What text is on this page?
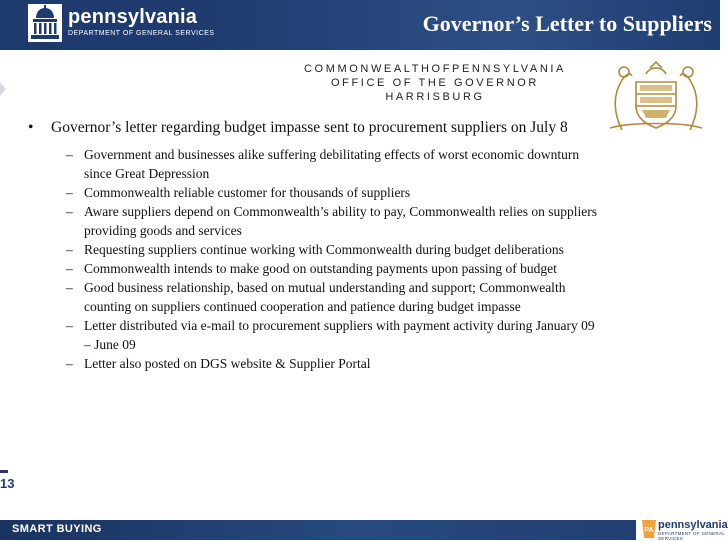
pennsylvania
DEPARTMENT OF GENERAL SERVICES	Governor’s Letter to Suppliers
COMMONWEALTHOFPENNSYLVANIA
OFFICE OF THE GOVERNOR
HARRISBURG
• Governor’s letter regarding budget impasse sent to procurement suppliers on July 8
– Government and businesses alike suffering debilitating effects of worst economic downturn since Great Depression
– Commonwealth reliable customer for thousands of suppliers
– Aware suppliers depend on Commonwealth’s ability to pay, Commonwealth relies on suppliers providing goods and services
– Requesting suppliers continue working with Commonwealth during budget deliberations
– Commonwealth intends to make good on outstanding payments upon passing of budget
– Good business relationship, based on mutual understanding and support; Commonwealth counting on suppliers continued cooperation and patience during budget impasse
– Letter distributed via e-mail to procurement suppliers with payment activity during January 09 – June 09
– Letter also posted on DGS website & Supplier Portal
13
SMART BUYING	PA pennsylvania
DEPARTMENT OF GENERAL SERVICES
